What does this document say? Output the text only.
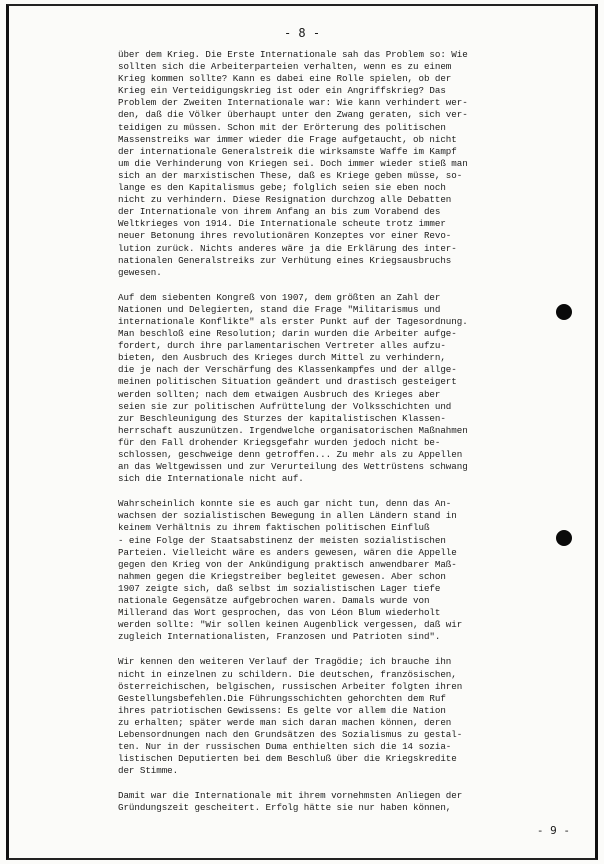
- 8 -
über dem Krieg. Die Erste Internationale sah das Problem so: Wie
sollten sich die Arbeiterparteien verhalten, wenn es zu einem
Krieg kommen sollte? Kann es dabei eine Rolle spielen, ob der
Krieg ein Verteidigungskrieg ist oder ein Angriffskrieg? Das
Problem der Zweiten Internationale war: Wie kann verhindert wer-
den, daß die Völker überhaupt unter den Zwang geraten, sich ver-
teidigen zu müssen. Schon mit der Erörterung des politischen
Massenstreiks war immer wieder die Frage aufgetaucht, ob nicht
der internationale Generalstreik die wirksamste Waffe im Kampf
um die Verhinderung von Kriegen sei. Doch immer wieder stieß man
sich an der marxistischen These, daß es Kriege geben müsse, so-
lange es den Kapitalismus gebe; folglich seien sie eben noch
nicht zu verhindern. Diese Resignation durchzog alle Debatten
der Internationale von ihrem Anfang an bis zum Vorabend des
Weltkrieges von 1914. Die Internationale scheute trotz immer
neuer Betonung ihres revolutionären Konzeptes vor einer Revo-
lution zurück. Nichts anderes wäre ja die Erklärung des inter-
nationalen Generalstreiks zur Verhütung eines Kriegsausbruchs
gewesen.
Auf dem siebenten Kongreß von 1907, dem größten an Zahl der
Nationen und Delegierten, stand die Frage "Militarismus und
internationale Konflikte" als erster Punkt auf der Tagesordnung.
Man beschloß eine Resolution; darin wurden die Arbeiter aufge-
fordert, durch ihre parlamentarischen Vertreter alles aufzu-
bieten, den Ausbruch des Krieges durch Mittel zu verhindern,
die je nach der Verschärfung des Klassenkampfes und der allge-
meinen politischen Situation geändert und drastisch gesteigert
werden sollten; nach dem etwaigen Ausbruch des Krieges aber
seien sie zur politischen Aufrüttelung der Volksschichten und
zur Beschleunigung des Sturzes der kapitalistischen Klassen-
herrschaft auszunützen. Irgendwelche organisatorischen Maßnahmen
für den Fall drohender Kriegsgefahr wurden jedoch nicht be-
schlossen, geschweige denn getroffen... Zu mehr als zu Appellen
an das Weltgewissen und zur Verurteilung des Wettrüstens schwang
sich die Internationale nicht auf.
Wahrscheinlich konnte sie es auch gar nicht tun, denn das An-
wachsen der sozialistischen Bewegung in allen Ländern stand in
keinem Verhältnis zu ihrem faktischen politischen Einfluß
- eine Folge der Staatsabstinenz der meisten sozialistischen
Parteien. Vielleicht wäre es anders gewesen, wären die Appelle
gegen den Krieg von der Ankündigung praktisch anwendbarer Maß-
nahmen gegen die Kriegstreiber begleitet gewesen. Aber schon
1907 zeigte sich, daß selbst im sozialistischen Lager tiefe
nationale Gegensätze aufgebrochen waren. Damals wurde von
Millerand das Wort gesprochen, das von Léon Blum wiederholt
werden sollte: "Wir sollen keinen Augenblick vergessen, daß wir
zugleich Internationalisten, Franzosen und Patrioten sind".
Wir kennen den weiteren Verlauf der Tragödie; ich brauche ihn
nicht in einzelnen zu schildern. Die deutschen, französischen,
österreichischen, belgischen, russischen Arbeiter folgten ihren
Gestellungsbefehlen.Die Führungsschichten gehorchten dem Ruf
ihres patriotischen Gewissens: Es gelte vor allem die Nation
zu erhalten; später werde man sich daran machen können, deren
Lebensordnungen nach den Grundsätzen des Sozialismus zu gestal-
ten. Nur in der russischen Duma enthielten sich die 14 sozia-
listischen Deputierten bei dem Beschluß über die Kriegskredite
der Stimme.
Damit war die Internationale mit ihrem vornehmsten Anliegen der
Gründungszeit gescheitert. Erfolg hätte sie nur haben können,
- 9 -
